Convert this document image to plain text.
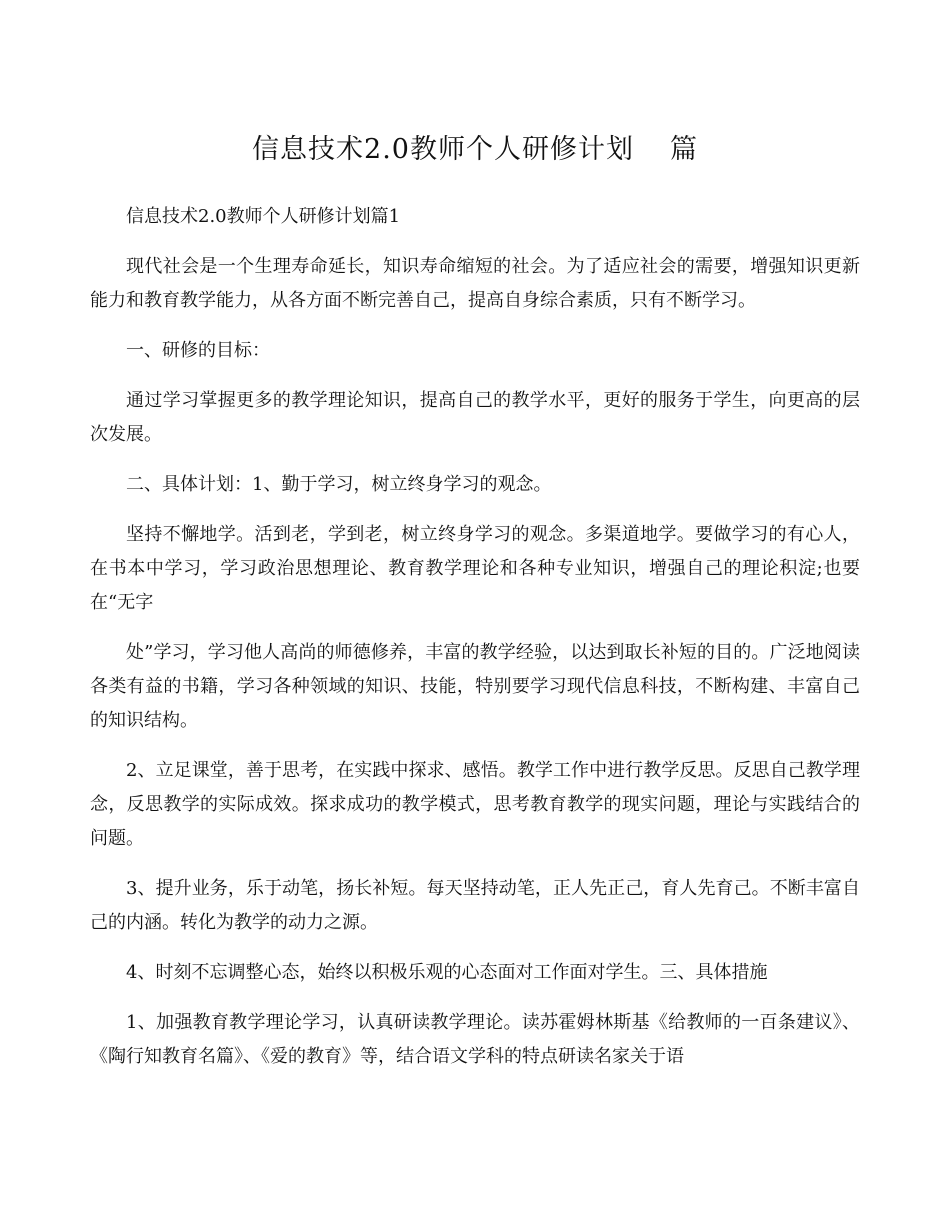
信息技术2.0教师个人研修计划 篇

信息技术2.0教师个人研修计划篇1

现代社会是一个生理寿命延长，知识寿命缩短的社会。为了适应社会的需要，增强知识更新能力和教育教学能力，从各方面不断完善自己，提高自身综合素质，只有不断学习。

一、研修的目标：

通过学习掌握更多的教学理论知识，提高自己的教学水平，更好的服务于学生，向更高的层次发展。

二、具体计划：1、勤于学习，树立终身学习的观念。

坚持不懈地学。活到老，学到老，树立终身学习的观念。多渠道地学。要做学习的有心人，在书本中学习，学习政治思想理论、教育教学理论和各种专业知识，增强自己的理论积淀;也要在“无字

处”学习，学习他人高尚的师德修养，丰富的教学经验，以达到取长补短的目的。广泛地阅读各类有益的书籍，学习各种领域的知识、技能，特别要学习现代信息科技，不断构建、丰富自己的知识结构。

2、立足课堂，善于思考，在实践中探求、感悟。教学工作中进行教学反思。反思自己教学理念，反思教学的实际成效。探求成功的教学模式，思考教育教学的现实问题，理论与实践结合的问题。

3、提升业务，乐于动笔，扬长补短。每天坚持动笔，正人先正己，育人先育己。不断丰富自己的内涵。转化为教学的动力之源。

4、时刻不忘调整心态，始终以积极乐观的心态面对工作面对学生。三、具体措施

1、加强教育教学理论学习，认真研读教学理论。读苏霍姆林斯基《给教师的一百条建议》、《陶行知教育名篇》、《爱的教育》等，结合语文学科的特点研读名家关于语
